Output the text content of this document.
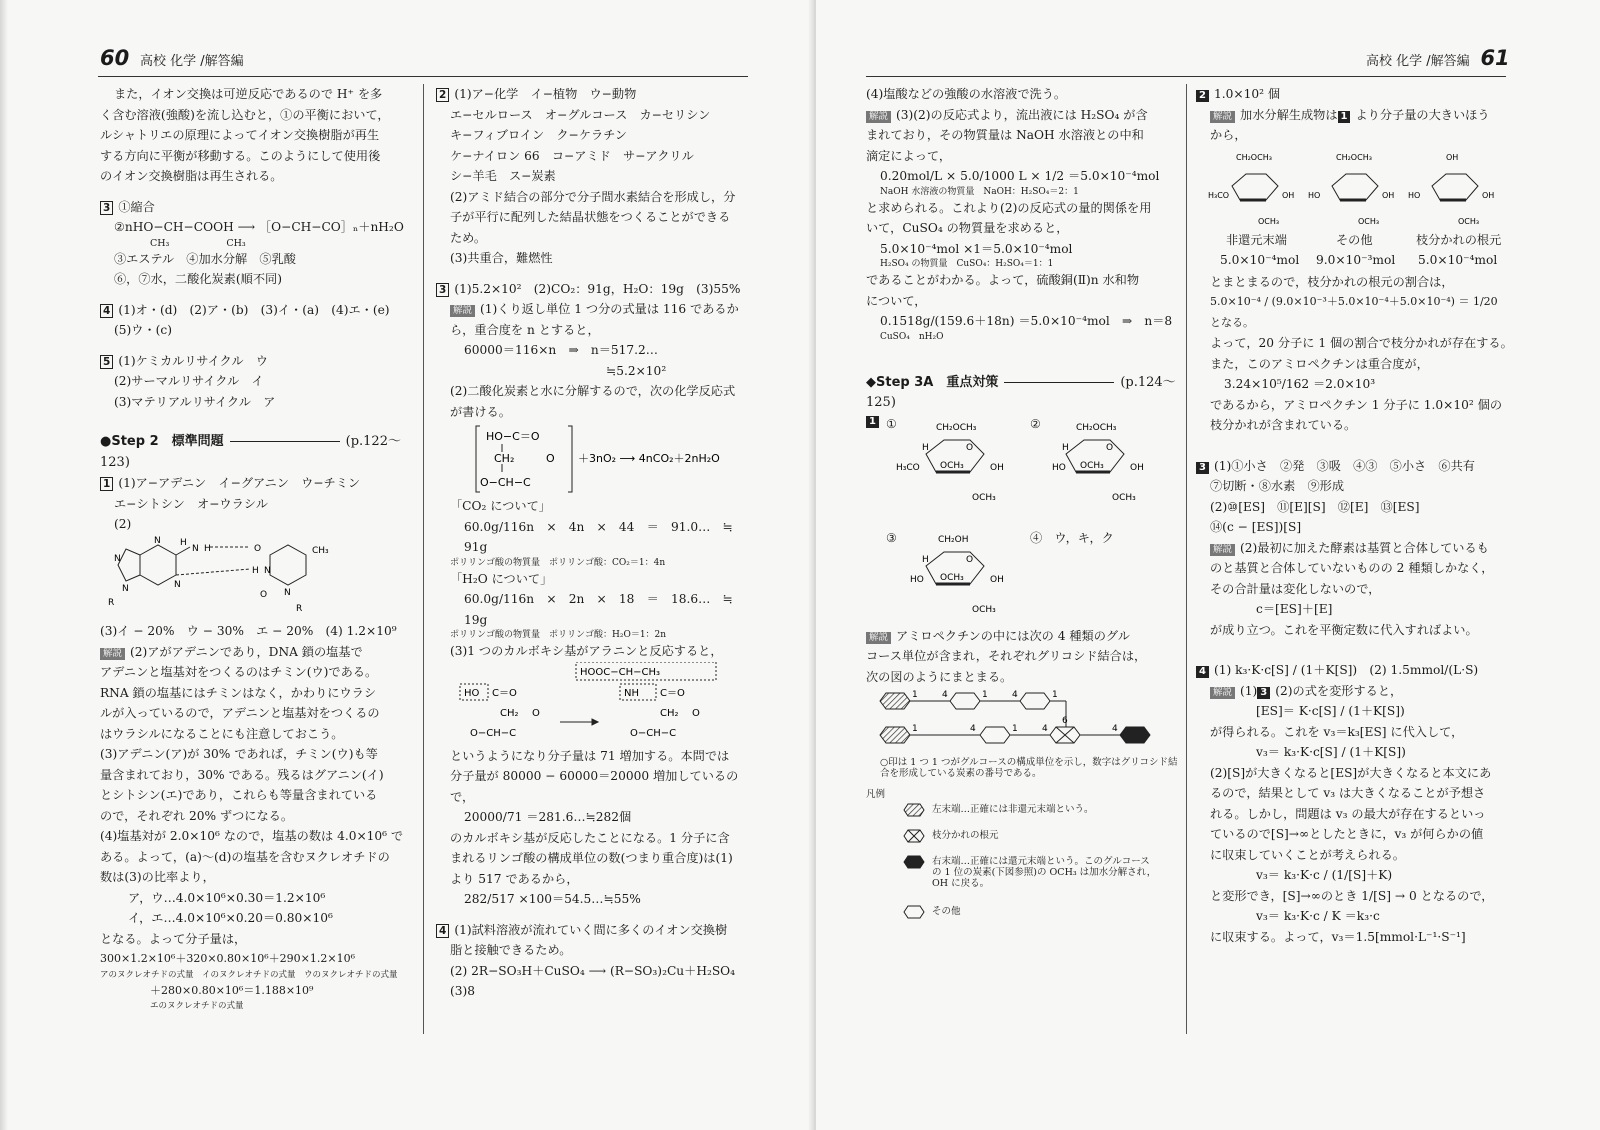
60 高校 化学 /解答編

また，イオン交換は可逆反応であるので H⁺ を多

く含む溶液(強酸)を流し込むと，①の平衡において，

ルシャトリエの原理によってイオン交換樹脂が再生

する方向に平衡が移動する。このようにして使用後

のイオン交換樹脂は再生される。

3 ①縮合

②nHO−CH−COOH ⟶ ［O−CH−CO］ₙ＋nH₂O

CH₃　　　　　　CH₃

③エステル　④加水分解　⑤乳酸

⑥，⑦水，二酸化炭素(順不同)

4 (1)オ・(d)　(2)ア・(b)　(3)イ・(a)　(4)エ・(e)

(5)ウ・(c)

5 (1)ケミカルリサイクル　ウ

(2)サーマルリサイクル　イ

(3)マテリアルリサイクル　ア

●Step 2　標準問題	(p.122～123)

1 (1)ア−アデニン　イ−グアニン　ウ−チミン

エ−シトシン　オ−ウラシル

(2)

H
N H	O	CH₃
N
N
N
H N
N	N
O
R
R

(3)イ − 20%　ウ − 30%　エ − 20%　(4) 1.2×10⁹

解説 (2)アがアデニンであり，DNA 鎖の塩基で

アデニンと塩基対をつくるのはチミン(ウ)である。

RNA 鎖の塩基にはチミンはなく，かわりにウラシ

ルが入っているので，アデニンと塩基対をつくるの

はウラシルになることにも注意しておこう。

(3)アデニン(ア)が 30% であれば，チミン(ウ)も等

量含まれており，30% である。残るはグアニン(イ)

とシトシン(エ)であり，これらも等量含まれている

ので，それぞれ 20% ずつになる。

(4)塩基対が 2.0×10⁶ なので，塩基の数は 4.0×10⁶ で

ある。よって，(a)〜(d)の塩基を含むヌクレオチドの

数は(3)の比率より，

ア，ウ…4.0×10⁶×0.30＝1.2×10⁶

イ，エ…4.0×10⁶×0.20＝0.80×10⁶

となる。よって分子量は，

300×1.2×10⁶＋320×0.80×10⁶＋290×1.2×10⁶

アのヌクレオチドの式量　イのヌクレオチドの式量　ウのヌクレオチドの式量

＋280×0.80×10⁶＝1.188×10⁹

エのヌクレオチドの式量

2 (1)ア−化学　イ−植物　ウ−動物

エ−セルロース　オ−グルコース　カ−セリシン

キ−フィブロイン　ク−ケラチン

ケ−ナイロン 66　コ−アミド　サ−アクリル

シ−羊毛　ス−炭素

(2)アミド結合の部分で分子間水素結合を形成し，分

子が平行に配列した結晶状態をつくることができる

ため。

(3)共重合，難燃性

3 (1)5.2×10²　(2)CO₂：91g，H₂O：19g　(3)55%

解説 (1)くり返し単位 1 つ分の式量は 116 であるか

ら，重合度を n とすると，

60000＝116×n　⇒　n＝517.2…

≒5.2×10²

(2)二酸化炭素と水に分解するので，次の化学反応式

が書ける。

HO−C＝O
CH₂	O
O−CH−C
＋3nO₂ ⟶ 4nCO₂＋2nH₂O

「CO₂ について」

60.0g/116n　×　4n　×　44　＝　91.0…　≒　91g

ポリリンゴ酸の物質量　ポリリンゴ酸：CO₂＝1：4n

「H₂O について」

60.0g/116n　×　2n　×　18　＝　18.6…　≒　19g

ポリリンゴ酸の物質量　ポリリンゴ酸：H₂O＝1：2n

(3)1 つのカルボキシ基がアラニンと反応すると，

HOOC−CH−CH₃
NH C＝O
HO C＝O
CH₂ O
O−CH−C
CH₂ O
O−CH−C

というようになり分子量は 71 増加する。本問では

分子量が 80000 − 60000＝20000 増加しているので，

20000/71 ＝281.6…≒282個

のカルボキシ基が反応したことになる。1 分子に含

まれるリンゴ酸の構成単位の数(つまり重合度)は(1)

より 517 であるから，

282/517 ×100＝54.5…≒55%

4 (1)試料溶液が流れていく間に多くのイオン交換樹

脂と接触できるため。

(2) 2R−SO₃H＋CuSO₄ ⟶ (R−SO₃)₂Cu＋H₂SO₄

(3)8

高校 化学 /解答編 61

(4)塩酸などの強酸の水溶液で洗う。

解説 (3)(2)の反応式より，流出液には H₂SO₄ が含

まれており，その物質量は NaOH 水溶液との中和

滴定によって，

0.20mol/L × 5.0/1000 L × 1/2 ＝5.0×10⁻⁴mol

NaOH 水溶液の物質量　NaOH：H₂SO₄＝2：1

と求められる。これより(2)の反応式の量的関係を用

いて，CuSO₄ の物質量を求めると，

5.0×10⁻⁴mol ×1＝5.0×10⁻⁴mol

H₂SO₄ の物質量　CuSO₄：H₂SO₄＝1：1

であることがわかる。よって，硫酸銅(Ⅱ)n 水和物

について，

0.1518g/(159.6＋18n) ＝5.0×10⁻⁴mol　⇒　n＝8

CuSO₄　nH₂O

◆Step 3A　重点対策	(p.124～125)

1 ①	②
③	④　ウ，キ，ク
CH₂OCH₃	CH₂OCH₃
CH₂OH
OCH₃	OCH₃
OCH₃
H₃CO	HO
HO
OH	OH
OH
OCH₃	OCH₃
OCH₃
H	H
H
O	O
O

解説 アミロペクチンの中には次の 4 種類のグル

コース単位が含まれ，それぞれグリコシド結合は，

次の図のようにまとまる。

1	4	1	4	1
1	4	1	4
6
4

○印は 1 つ 1 つがグルコースの構成単位を示し，数字はグリコシド結合を形成している炭素の番号である。

凡例

左末端…正確には非還元末端という。

枝分かれの根元

右末端…正確には還元末端という。このグルコースの 1 位の炭素(下図参照)の OCH₃ は加水分解され，OH に戻る。

その他

2 1.0×10² 個

解説 加水分解生成物は 1 より分子量の大きいほう

から，

CH₂OCH₃	CH₂OCH₃	OH
H₃CO	HO	HO
OH	OH	OH
OCH₃	OCH₃	OCH₃
非還元末端	その他	枝分かれの根元
5.0×10⁻⁴mol 9.0×10⁻³mol 5.0×10⁻⁴mol

とまとまるので，枝分かれの根元の割合は，

5.0×10⁻⁴ / (9.0×10⁻³＋5.0×10⁻⁴＋5.0×10⁻⁴) ＝ 1/20　となる。

よって，20 分子に 1 個の割合で枝分かれが存在する。

また，このアミロペクチンは重合度が，

3.24×10⁵/162 ＝2.0×10³

であるから，アミロペクチン 1 分子に 1.0×10² 個の

枝分かれが含まれている。

3 (1)①小さ　②発　③吸　④③　⑤小さ　⑥共有

⑦切断・⑧水素　⑨形成

(2)⑩[ES]　⑪[E][S]　⑫[E]　⑬[ES]

⑭(c − [ES])[S]

解説 (2)最初に加えた酵素は基質と合体しているも

のと基質と合体していないものの 2 種類しかなく，

その合計量は変化しないので，

c＝[ES]＋[E]

が成り立つ。これを平衡定数に代入すればよい。

4 (1) k₃·K·c[S] / (1＋K[S])　(2) 1.5mmol/(L·S)

解説 (1) 3 (2)の式を変形すると，

[ES]＝ K·c[S] / (1＋K[S])

が得られる。これを v₃＝k₃[ES] に代入して，

v₃＝ k₃·K·c[S] / (1＋K[S])

(2)[S]が大きくなると[ES]が大きくなると本文にあ

るので，結果として v₃ は大きくなることが予想さ

れる。しかし，問題は v₃ の最大が存在するといっ

ているので[S]→∞としたときに，v₃ が何らかの値

に収束していくことが考えられる。

v₃＝ k₃·K·c / (1/[S]＋K)

と変形でき，[S]→∞のとき 1/[S] → 0 となるので，

v₃＝ k₃·K·c / K ＝k₃·c

に収束する。よって，v₃＝1.5[mmol·L⁻¹·S⁻¹]
